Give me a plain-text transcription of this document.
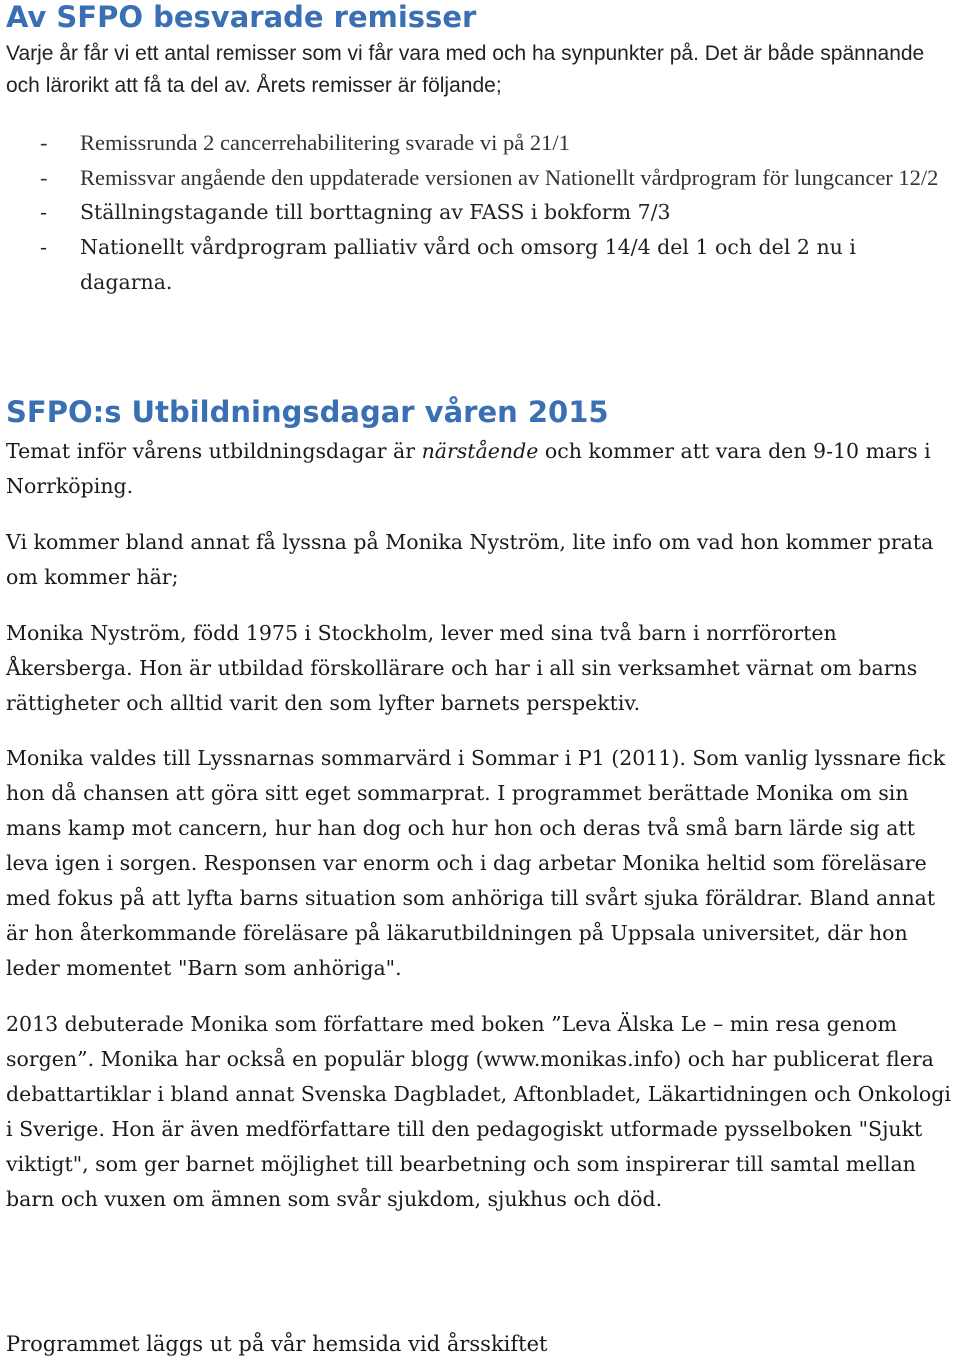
Av SFPO besvarade remisser

Varje år får vi ett antal remisser som vi får vara med och ha synpunkter på. Det är både spännande och lärorikt att få ta del av. Årets remisser är följande;

- Remissrunda 2 cancerrehabilitering svarade vi på 21/1
- Remissvar angående den uppdaterade versionen av Nationellt vårdprogram för lungcancer 12/2
- Ställningstagande till borttagning av FASS i bokform 7/3
- Nationellt vårdprogram palliativ vård och omsorg 14/4 del 1 och del 2 nu i dagarna.
SFPO:s Utbildningsdagar våren 2015

Temat inför vårens utbildningsdagar är närstående och kommer att vara den 9-10 mars i Norrköping.

Vi kommer bland annat få lyssna på Monika Nyström, lite info om vad hon kommer prata om kommer här;

Monika Nyström, född 1975 i Stockholm, lever med sina två barn i norrförorten Åkersberga. Hon är utbildad förskollärare och har i all sin verksamhet värnat om barns rättigheter och alltid varit den som lyfter barnets perspektiv.

Monika valdes till Lyssnarnas sommarvärd i Sommar i P1 (2011). Som vanlig lyssnare fick hon då chansen att göra sitt eget sommarprat. I programmet berättade Monika om sin mans kamp mot cancern, hur han dog och hur hon och deras två små barn lärde sig att leva igen i sorgen. Responsen var enorm och i dag arbetar Monika heltid som föreläsare med fokus på att lyfta barns situation som anhöriga till svårt sjuka föräldrar. Bland annat är hon återkommande föreläsare på läkarutbildningen på Uppsala universitet, där hon leder momentet "Barn som anhöriga".

2013 debuterade Monika som författare med boken ”Leva Älska Le – min resa genom sorgen”. Monika har också en populär blogg (www.monikas.info) och har publicerat flera debattartiklar i bland annat Svenska Dagbladet, Aftonbladet, Läkartidningen och Onkologi i Sverige. Hon är även medförfattare till den pedagogiskt utformade pysselboken "Sjukt viktigt", som ger barnet möjlighet till bearbetning och som inspirerar till samtal mellan barn och vuxen om ämnen som svår sjukdom, sjukhus och död.

Programmet läggs ut på vår hemsida vid årsskiftet
